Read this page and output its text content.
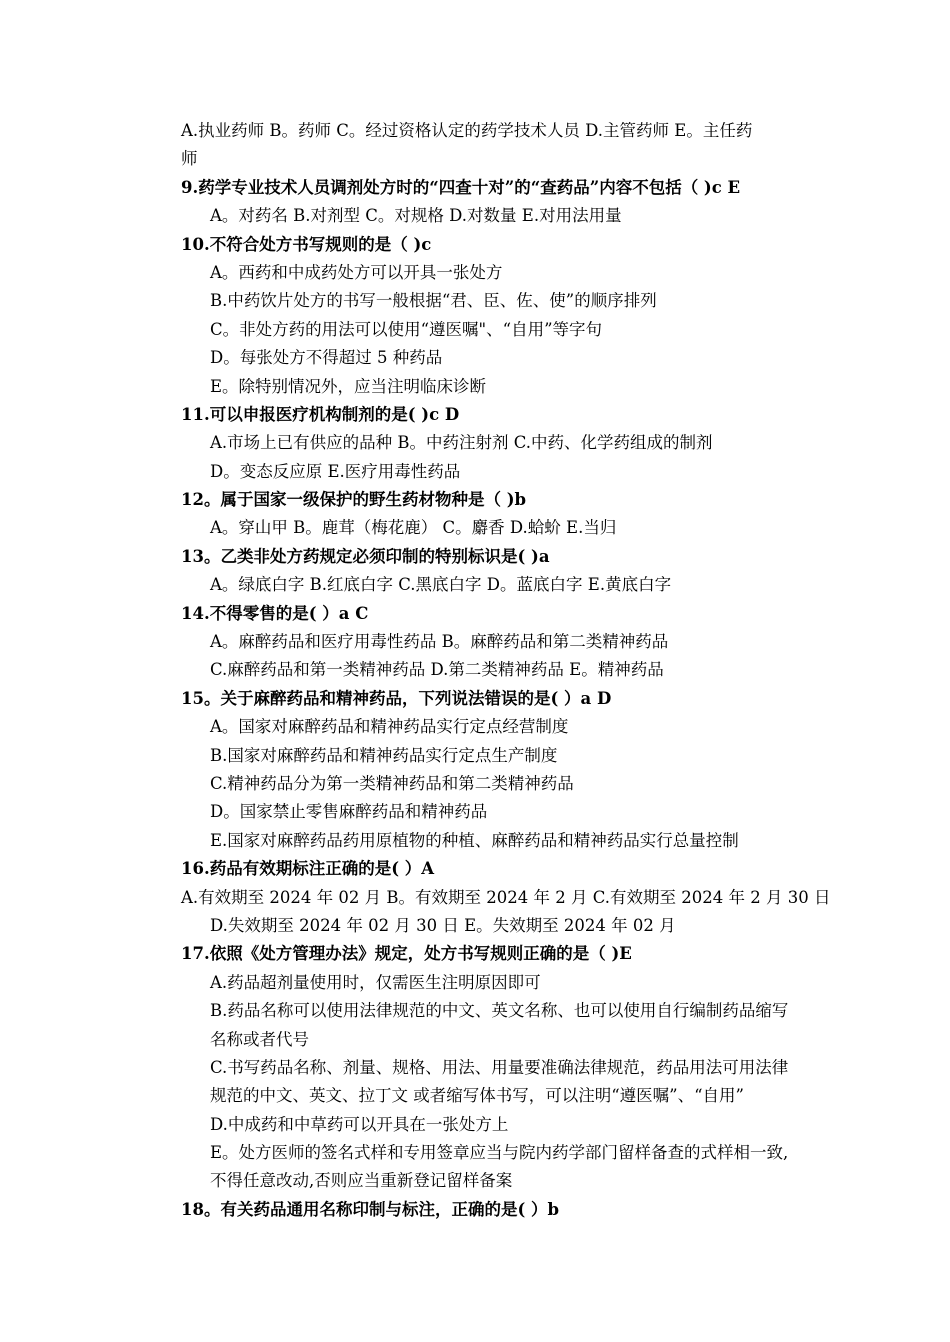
A.执业药师 B。药师 C。经过资格认定的药学技术人员 D.主管药师 E。主任药
师
9.药学专业技术人员调剂处方时的“四查十对”的“查药品”内容不包括（ )c E
A。对药名 B.对剂型 C。对规格 D.对数量 E.对用法用量
10.不符合处方书写规则的是（ )c
A。西药和中成药处方可以开具一张处方
B.中药饮片处方的书写一般根据“君、臣、佐、使”的顺序排列
C。非处方药的用法可以使用“遵医嘱"、“自用”等字句
D。每张处方不得超过 5 种药品
E。除特别情况外，应当注明临床诊断
11.可以申报医疗机构制剂的是( )c D
A.市场上已有供应的品种 B。中药注射剂 C.中药、化学药组成的制剂
D。变态反应原 E.医疗用毒性药品
12。属于国家一级保护的野生药材物种是（ )b
A。穿山甲 B。鹿茸（梅花鹿） C。麝香 D.蛤蚧 E.当归
13。乙类非处方药规定必须印制的特别标识是( )a
A。绿底白字 B.红底白字 C.黑底白字 D。蓝底白字 E.黄底白字
14.不得零售的是( ）a C
A。麻醉药品和医疗用毒性药品 B。麻醉药品和第二类精神药品
C.麻醉药品和第一类精神药品 D.第二类精神药品 E。精神药品
15。关于麻醉药品和精神药品，下列说法错误的是( ）a D
A。国家对麻醉药品和精神药品实行定点经营制度
B.国家对麻醉药品和精神药品实行定点生产制度
C.精神药品分为第一类精神药品和第二类精神药品
D。国家禁止零售麻醉药品和精神药品
E.国家对麻醉药品药用原植物的种植、麻醉药品和精神药品实行总量控制
16.药品有效期标注正确的是( ）A
A.有效期至 2024 年 02 月 B。有效期至 2024 年 2 月 C.有效期至 2024 年 2 月 30 日
D.失效期至 2024 年 02 月 30 日 E。失效期至 2024 年 02 月
17.依照《处方管理办法》规定，处方书写规则正确的是（ )E
A.药品超剂量使用时，仅需医生注明原因即可
B.药品名称可以使用法律规范的中文、英文名称、也可以使用自行编制药品缩写
名称或者代号
C.书写药品名称、剂量、规格、用法、用量要准确法律规范，药品用法可用法律
规范的中文、英文、拉丁文 或者缩写体书写，可以注明“遵医嘱”、“自用”
D.中成药和中草药可以开具在一张处方上
E。处方医师的签名式样和专用签章应当与院内药学部门留样备查的式样相一致,
不得任意改动,否则应当重新登记留样备案
18。有关药品通用名称印制与标注，正确的是( ）b
